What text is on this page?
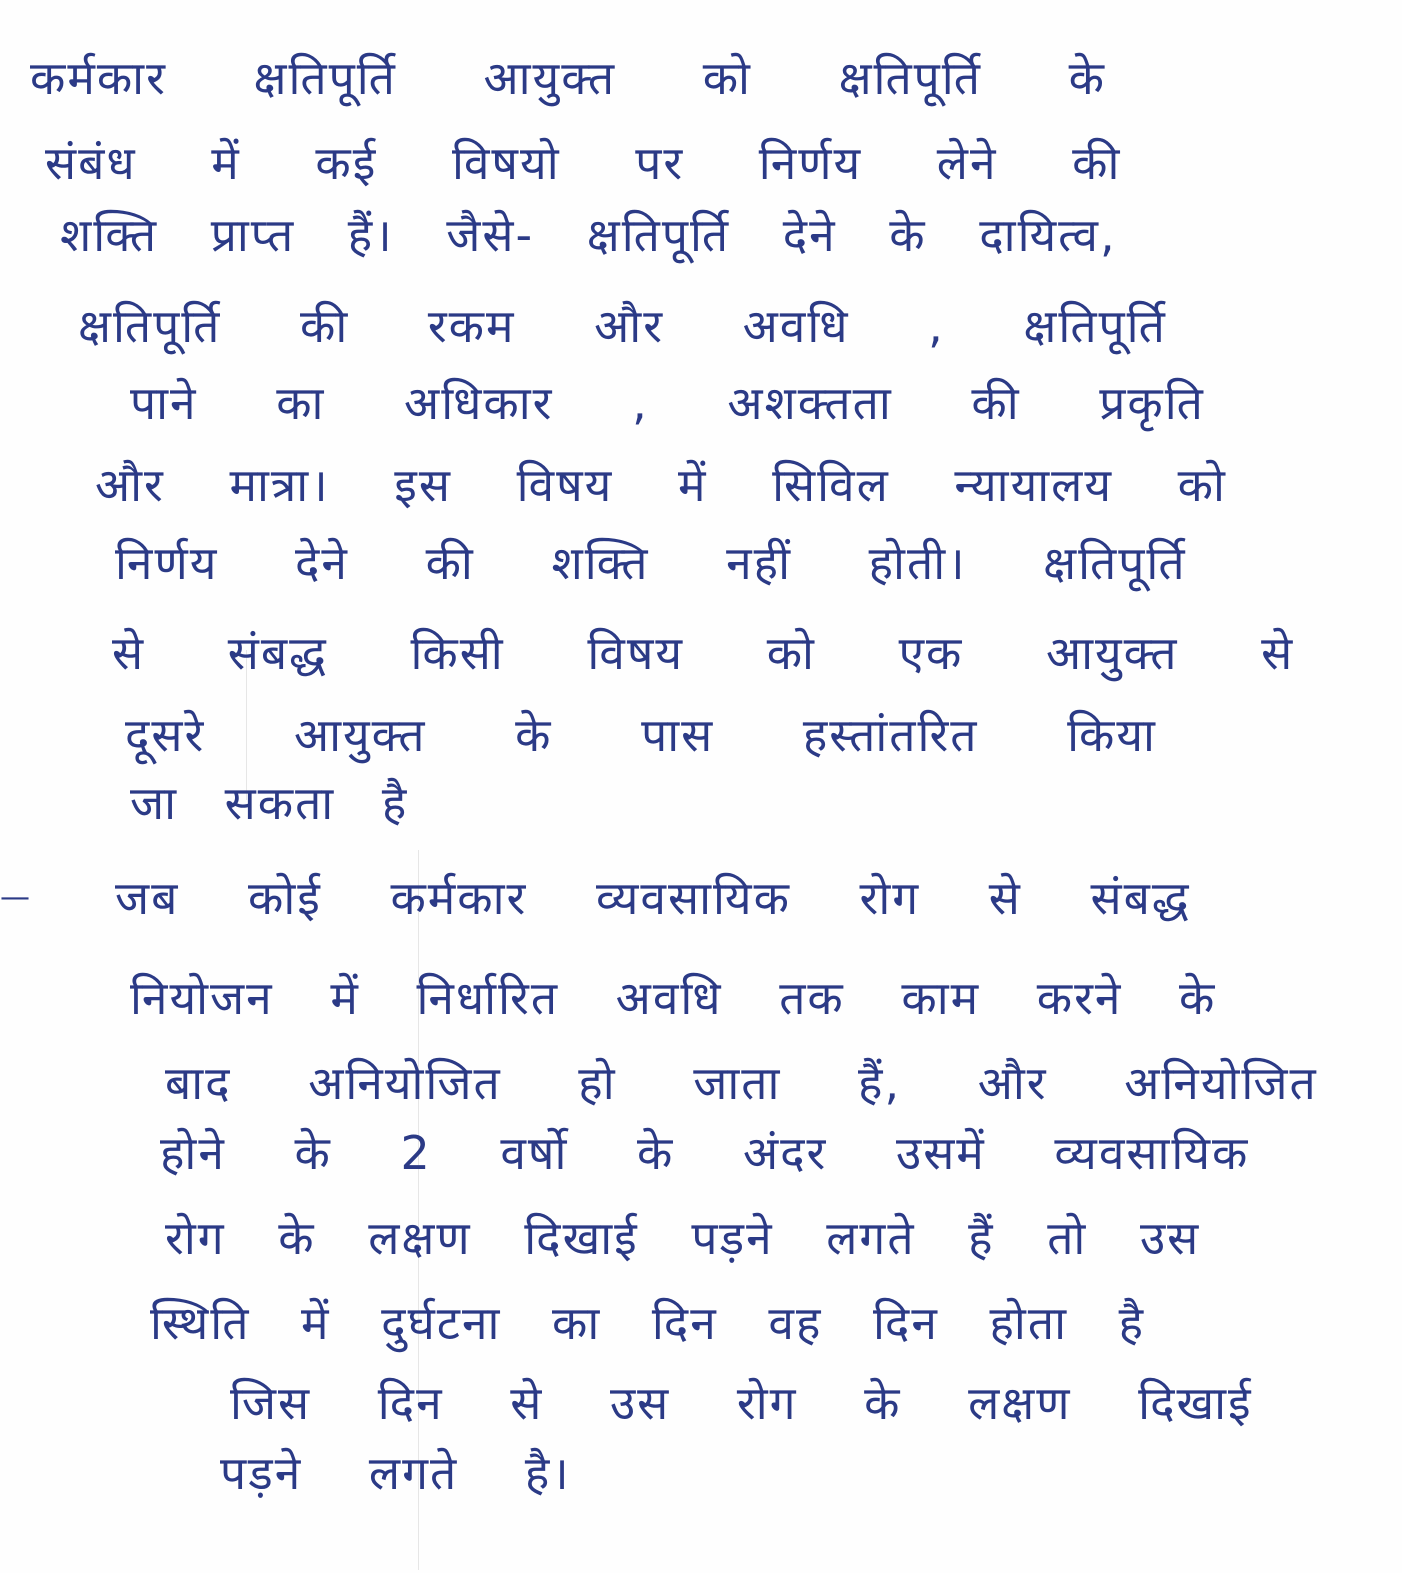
कर्मकार क्षतिपूर्ति आयुक्त को क्षतिपूर्ति के
संबंध में कई विषयो पर निर्णय लेने की
शक्ति प्राप्त हैं। जैसे- क्षतिपूर्ति देने के दायित्व,
क्षतिपूर्ति की रकम और अवधि , क्षतिपूर्ति
पाने का अधिकार , अशक्तता की प्रकृति
और मात्रा। इस विषय में सिविल न्यायालय को
निर्णय देने की शक्ति नहीं होती। क्षतिपूर्ति
से संबद्ध किसी विषय को एक आयुक्त से
दूसरे आयुक्त के पास हस्तांतरित किया
जा सकता है
— जब कोई कर्मकार व्यवसायिक रोग से संबद्ध
नियोजन में निर्धारित अवधि तक काम करने के
बाद अनियोजित हो जाता हैं, और अनियोजित
होने के 2 वर्षो के अंदर उसमें व्यवसायिक
रोग के लक्षण दिखाई पड़ने लगते हैं तो उस
स्थिति में दुर्घटना का दिन वह दिन होता है
जिस दिन से उस रोग के लक्षण दिखाई
पड़ने लगते है।
